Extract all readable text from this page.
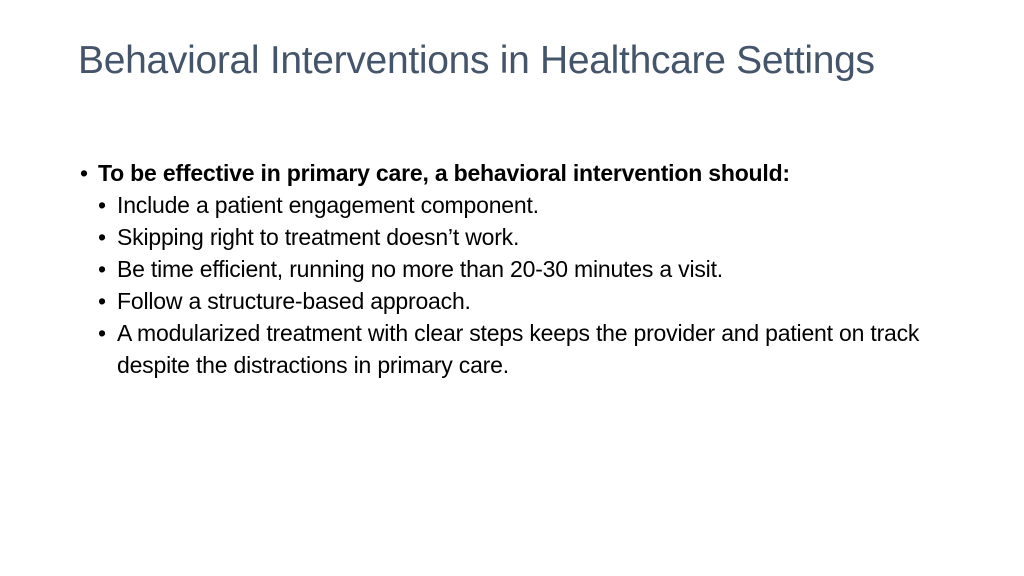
Behavioral Interventions in Healthcare Settings
• To be effective in primary care, a behavioral intervention should:
• Include a patient engagement component.
• Skipping right to treatment doesn’t work.
• Be time efficient, running no more than 20-30 minutes a visit.
• Follow a structure-based approach.
• A modularized treatment with clear steps keeps the provider and patient on track despite the distractions in primary care.
